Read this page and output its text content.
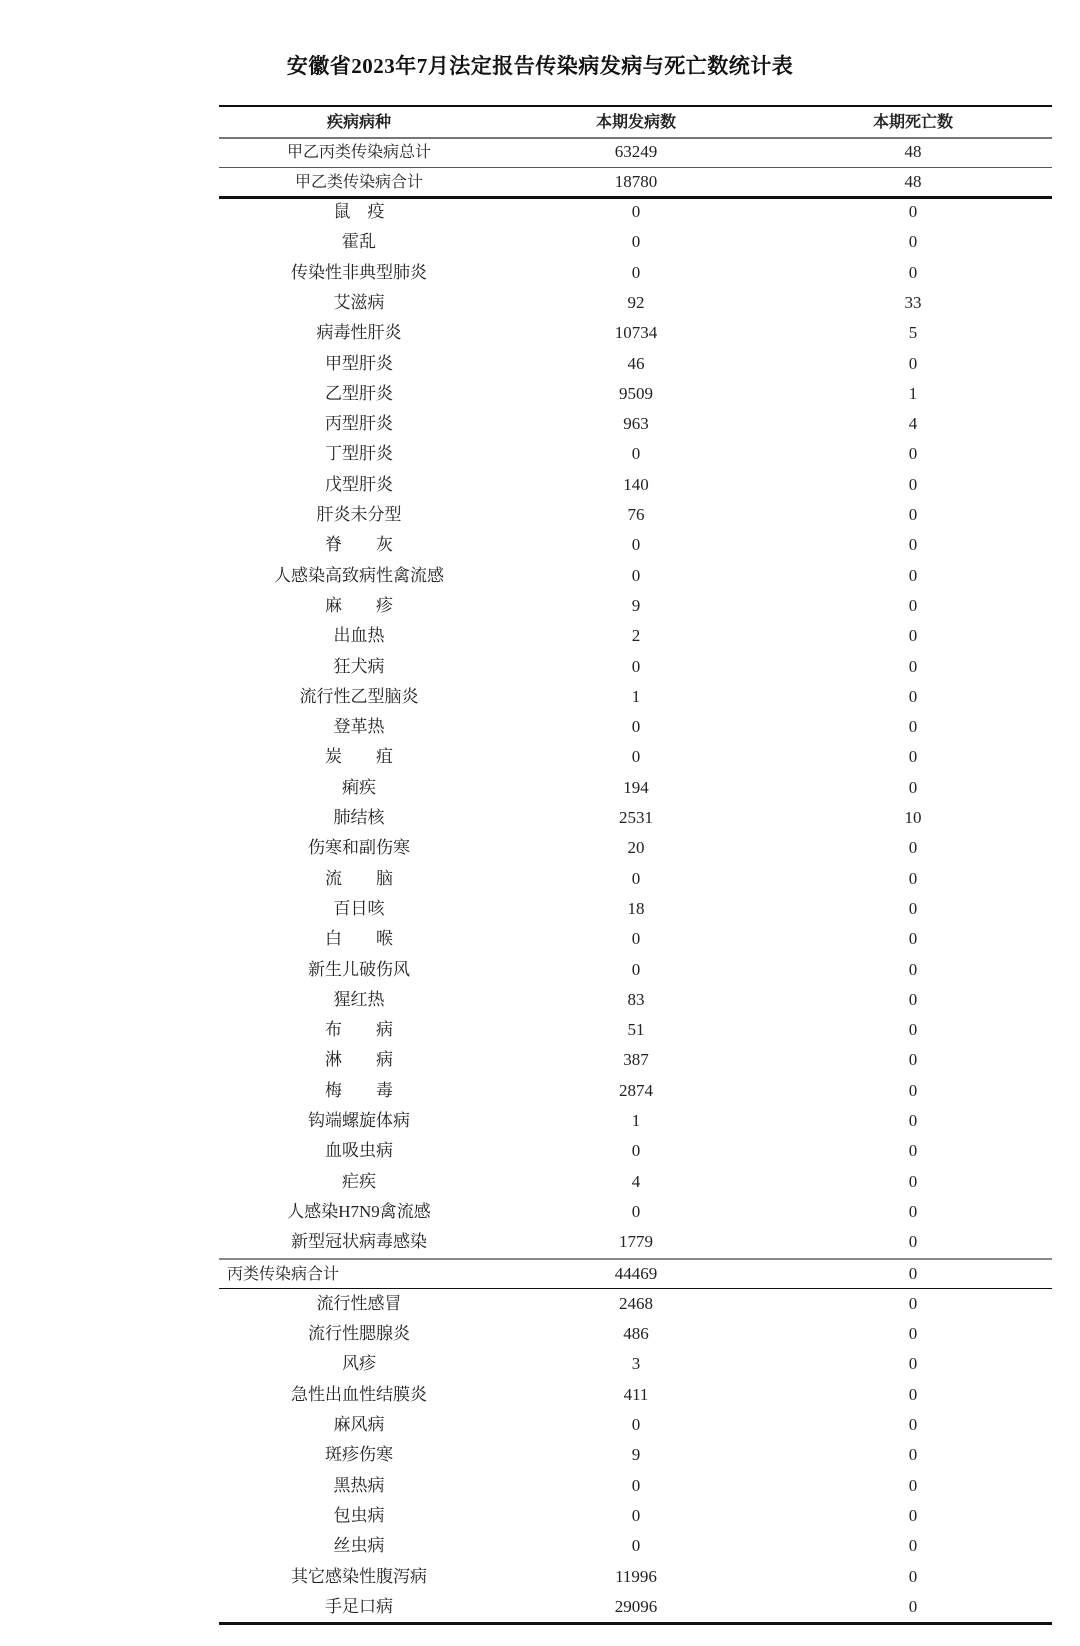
安徽省2023年7月法定报告传染病发病与死亡数统计表
疾病病种	本期发病数	本期死亡数
甲乙丙类传染病总计	63249	48
甲乙类传染病合计	18780	48
鼠　疫	0	0
霍乱	0	0
传染性非典型肺炎	0	0
艾滋病	92	33
病毒性肝炎	10734	5
甲型肝炎	46	0
乙型肝炎	9509	1
丙型肝炎	963	4
丁型肝炎	0	0
戊型肝炎	140	0
肝炎未分型	76	0
脊　　灰	0	0
人感染高致病性禽流感	0	0
麻　　疹	9	0
出血热	2	0
狂犬病	0	0
流行性乙型脑炎	1	0
登革热	0	0
炭　　疽	0	0
痢疾	194	0
肺结核	2531	10
伤寒和副伤寒	20	0
流　　脑	0	0
百日咳	18	0
白　　喉	0	0
新生儿破伤风	0	0
猩红热	83	0
布　　病	51	0
淋　　病	387	0
梅　　毒	2874	0
钩端螺旋体病	1	0
血吸虫病	0	0
疟疾	4	0
人感染H7N9禽流感	0	0
新型冠状病毒感染	1779	0
丙类传染病合计	44469	0
流行性感冒	2468	0
流行性腮腺炎	486	0
风疹	3	0
急性出血性结膜炎	411	0
麻风病	0	0
斑疹伤寒	9	0
黑热病	0	0
包虫病	0	0
丝虫病	0	0
其它感染性腹泻病	11996	0
手足口病	29096	0
